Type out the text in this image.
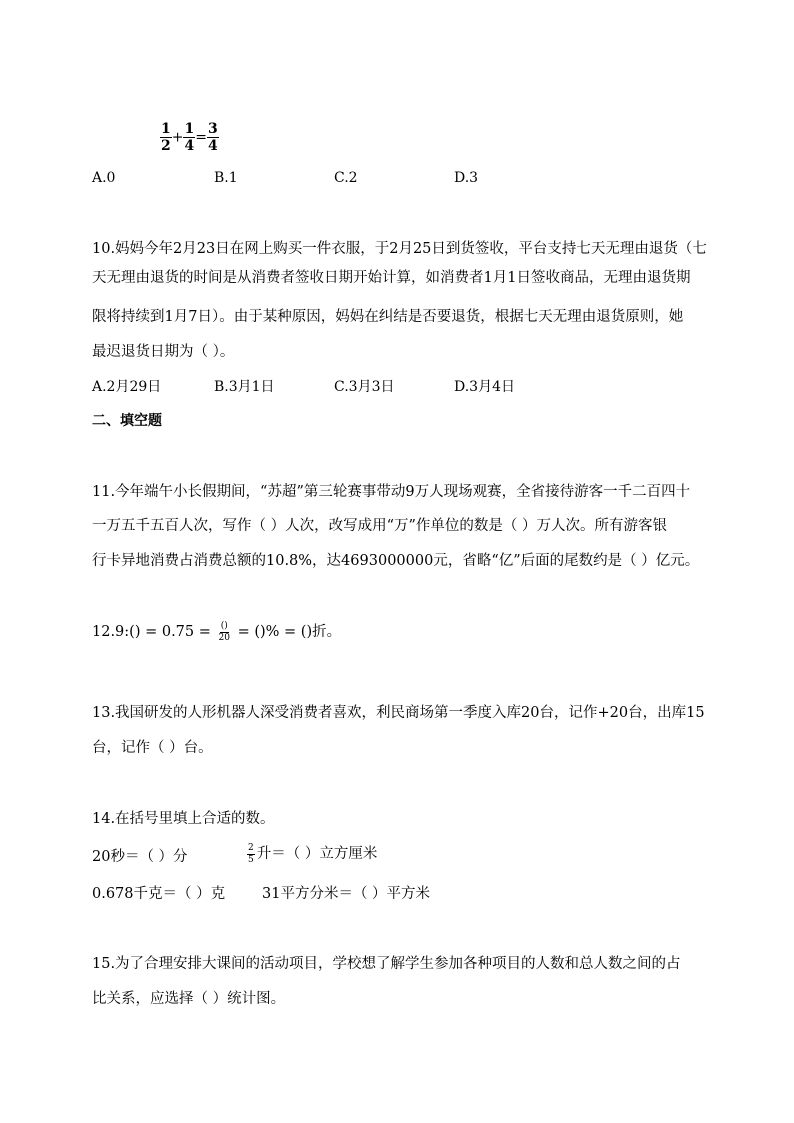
$\frac{1}{2} + \frac{1}{4} = \frac{3}{4}$
A.0	B.1	C.2	D.3
10.妈妈今年2月23日在网上购买一件衣服，于2月25日到货签收，平台支持七天无理由退货（七
天无理由退货的时间是从消费者签收日期开始计算，如消费者1月1日签收商品，无理由退货期
限将持续到1月7日）。由于某种原因，妈妈在纠结是否要退货，根据七天无理由退货原则，她
最迟退货日期为（ ）。
A.2月29日	B.3月1日	C.3月3日	D.3月4日
二、填空题
11.今年端午小长假期间，“苏超”第三轮赛事带动9万人现场观赛，全省接待游客一千二百四十
一万五千五百人次，写作（ ）人次，改写成用“万”作单位的数是（ ）万人次。所有游客银
行卡异地消费占消费总额的10.8%，达4693000000元，省略“亿”后面的尾数约是（ ）亿元。
12.9:() = $0.75 = \frac{()}{20}$ = ()% = ()折。
13.我国研发的人形机器人深受消费者喜欢，利民商场第一季度入库20台，记作+20台，出库15
台，记作（ ）台。
14.在括号里填上合适的数。
20秒＝（ ）分	$\frac{2}{5}$ 升＝（ ）立方厘米
0.678千克＝（ ）克	31平方分米＝（ ）平方米
15.为了合理安排大课间的活动项目，学校想了解学生参加各种项目的人数和总人数之间的占
比关系，应选择（ ）统计图。
